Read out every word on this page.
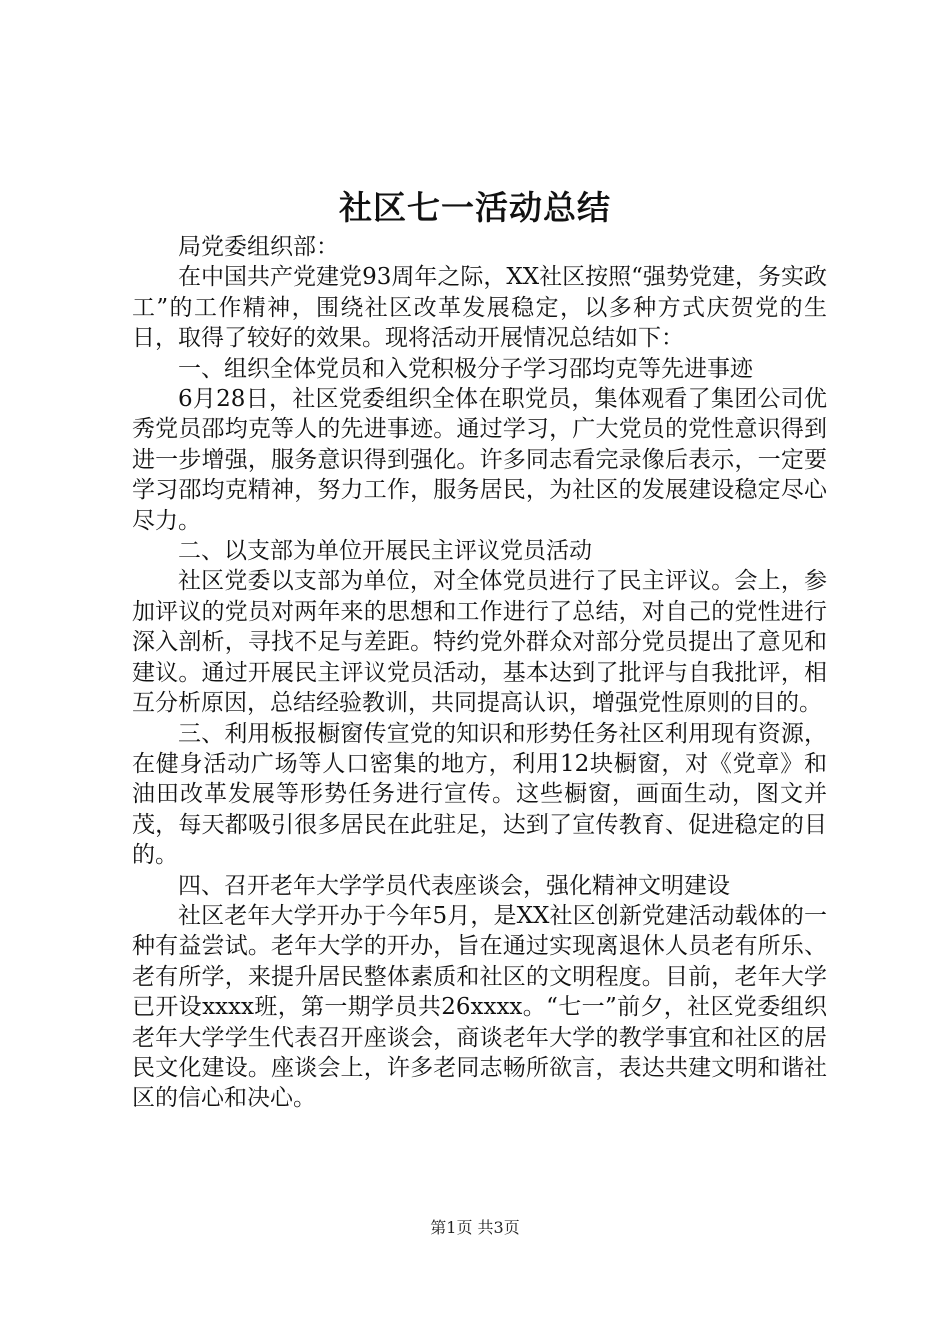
社区七一活动总结

局党委组织部：

在中国共产党建党93周年之际，XX社区按照“强势党建，务实政工”的工作精神，围绕社区改革发展稳定，以多种方式庆贺党的生日，取得了较好的效果。现将活动开展情况总结如下：

一、组织全体党员和入党积极分子学习邵均克等先进事迹

6月28日，社区党委组织全体在职党员，集体观看了集团公司优秀党员邵均克等人的先进事迹。通过学习，广大党员的党性意识得到进一步增强，服务意识得到强化。许多同志看完录像后表示，一定要学习邵均克精神，努力工作，服务居民，为社区的发展建设稳定尽心尽力。

二、以支部为单位开展民主评议党员活动

社区党委以支部为单位，对全体党员进行了民主评议。会上，参加评议的党员对两年来的思想和工作进行了总结，对自己的党性进行深入剖析，寻找不足与差距。特约党外群众对部分党员提出了意见和建议。通过开展民主评议党员活动，基本达到了批评与自我批评，相互分析原因，总结经验教训，共同提高认识，增强党性原则的目的。

三、利用板报橱窗传宣党的知识和形势任务社区利用现有资源，在健身活动广场等人口密集的地方，利用12块橱窗，对《党章》和油田改革发展等形势任务进行宣传。这些橱窗，画面生动，图文并茂，每天都吸引很多居民在此驻足，达到了宣传教育、促进稳定的目的。

四、召开老年大学学员代表座谈会，强化精神文明建设

社区老年大学开办于今年5月，是XX社区创新党建活动载体的一种有益尝试。老年大学的开办，旨在通过实现离退休人员老有所乐、老有所学，来提升居民整体素质和社区的文明程度。目前，老年大学已开设xxxx班，第一期学员共26xxxx。“七一”前夕，社区党委组织老年大学学生代表召开座谈会，商谈老年大学的教学事宜和社区的居民文化建设。座谈会上，许多老同志畅所欲言，表达共建文明和谐社区的信心和决心。

第1页 共3页
